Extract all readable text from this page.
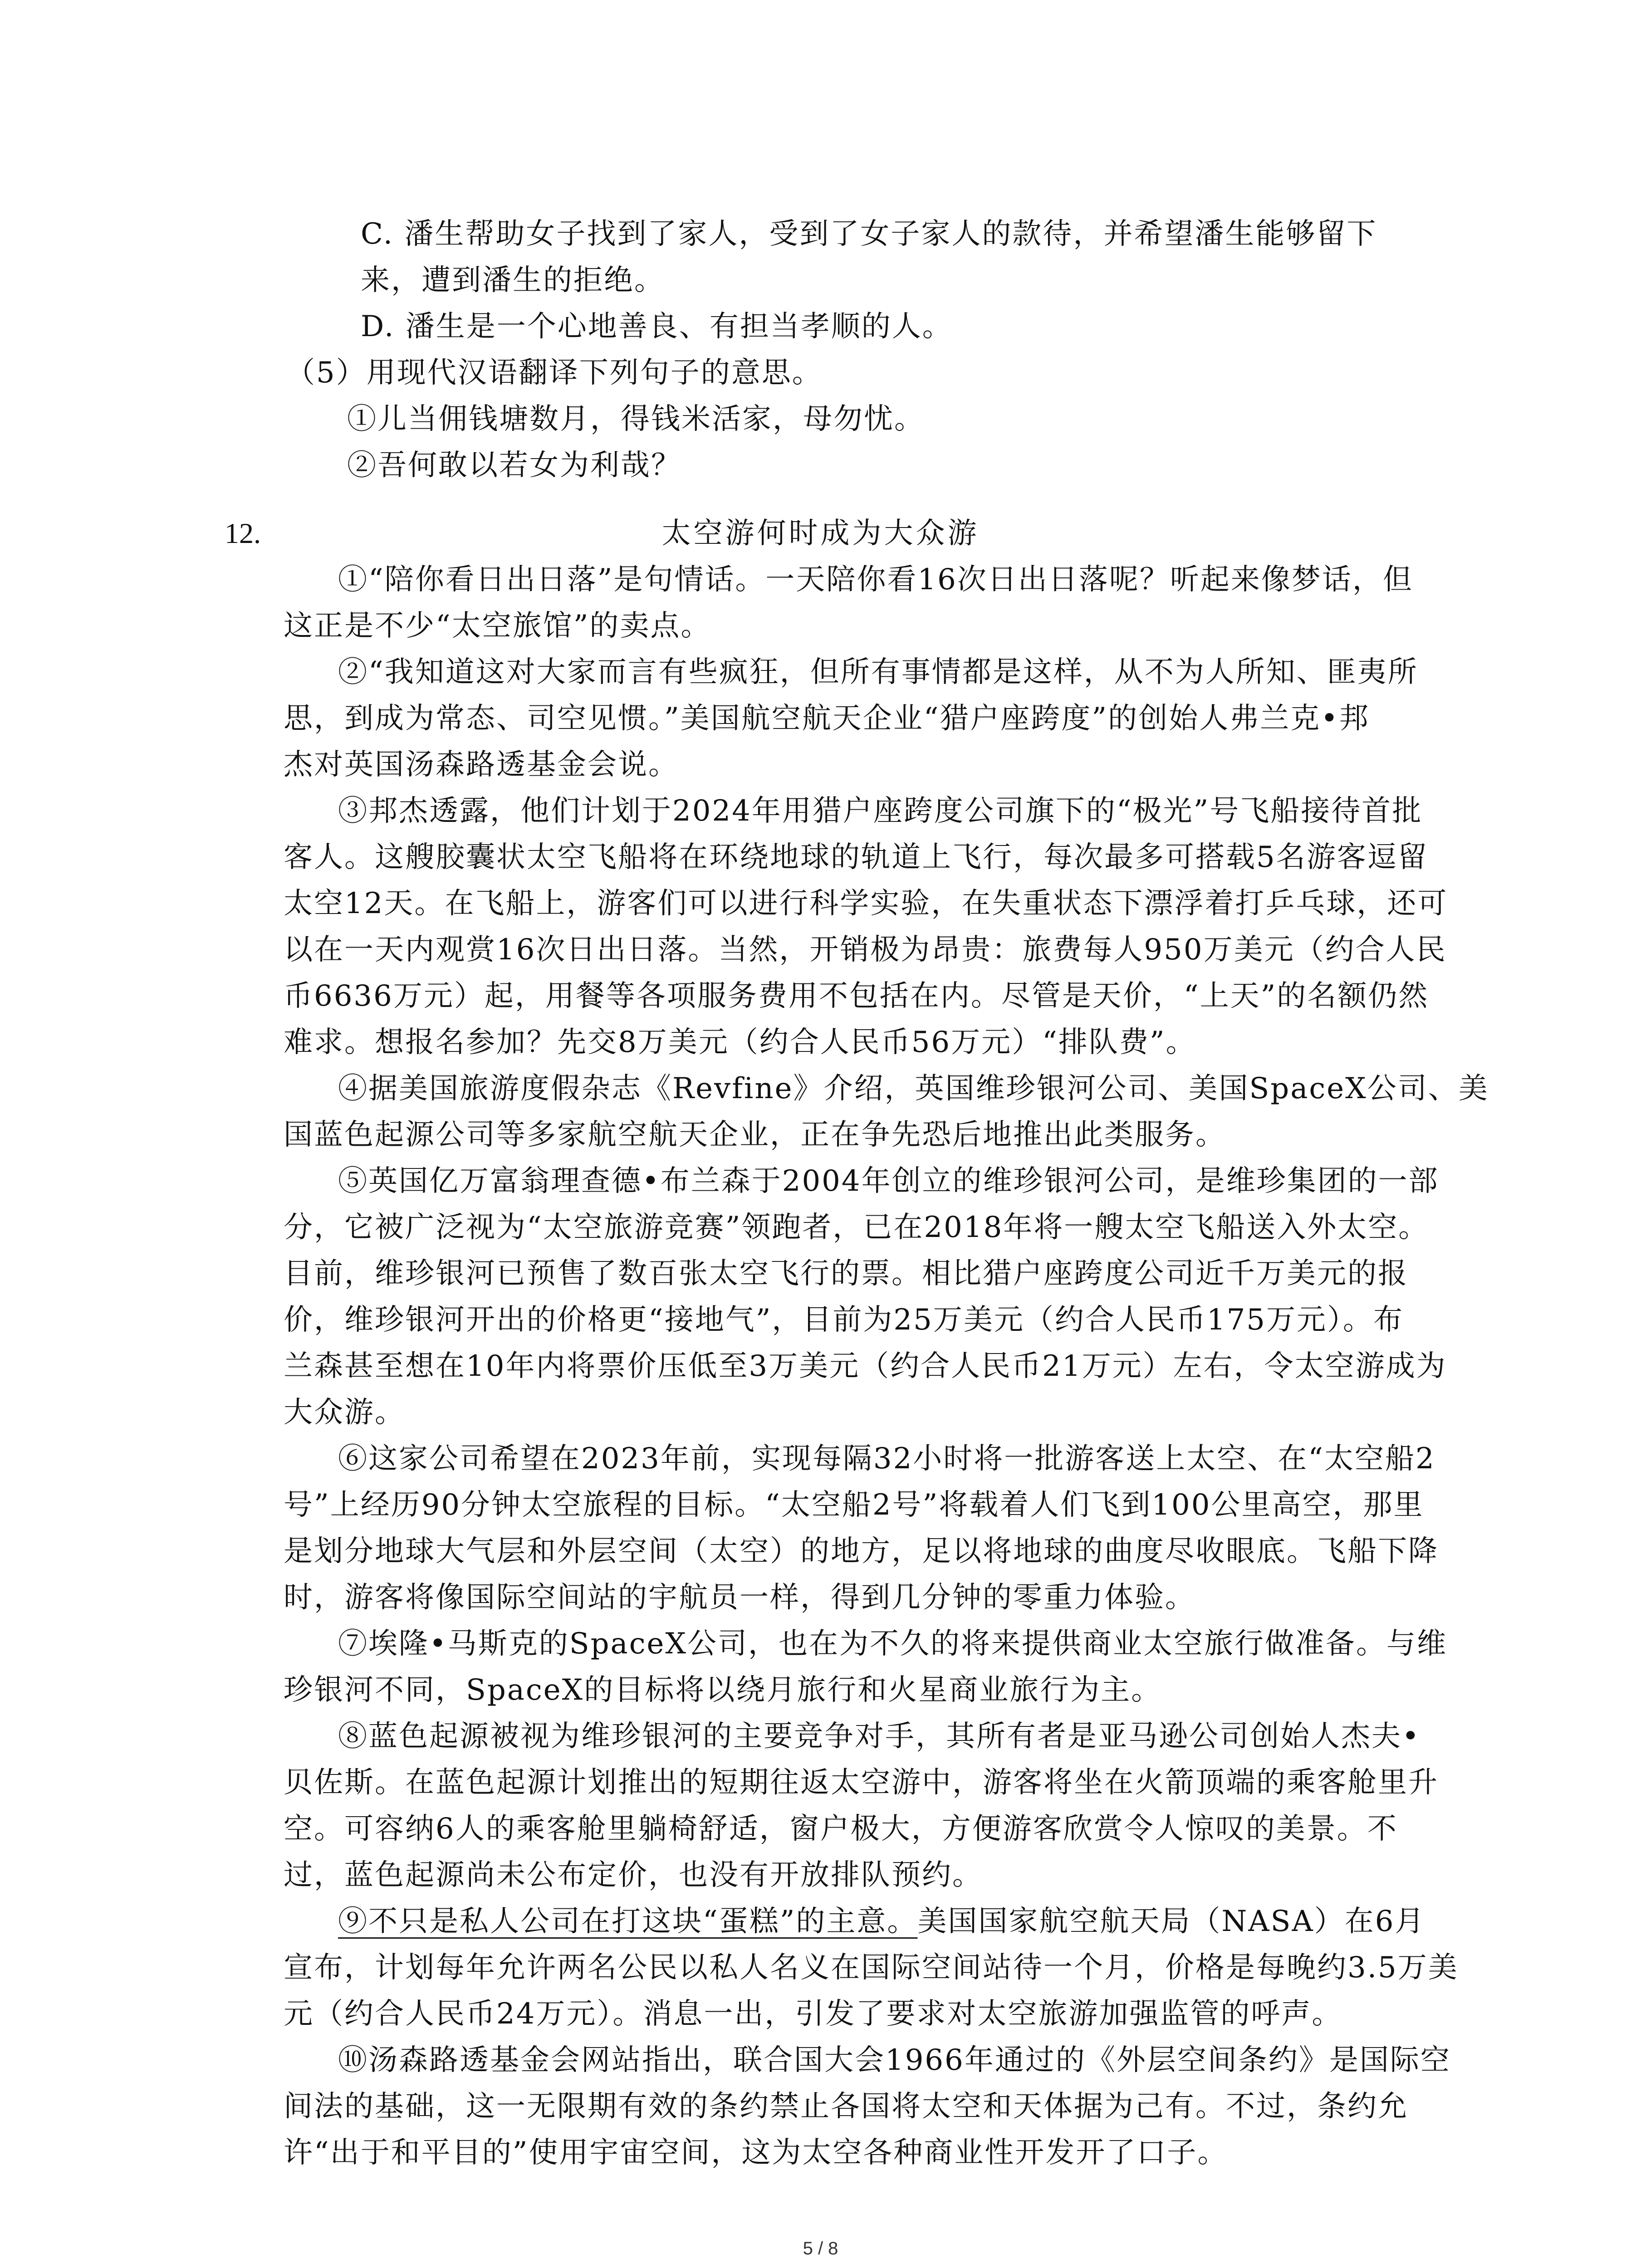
C. 潘生帮助女子找到了家人，受到了女子家人的款待，并希望潘生能够留下
来，遭到潘生的拒绝。
D. 潘生是一个心地善良、有担当孝顺的人。
（5）用现代汉语翻译下列句子的意思。
①儿当佣钱塘数月，得钱米活家，母勿忧。
②吾何敢以若女为利哉？
12.	太空游何时成为大众游
①“陪你看日出日落”是句情话。一天陪你看16次日出日落呢？听起来像梦话，但
这正是不少“太空旅馆”的卖点。
②“我知道这对大家而言有些疯狂，但所有事情都是这样，从不为人所知、匪夷所
思，到成为常态、司空见惯。”美国航空航天企业“猎户座跨度”的创始人弗兰克•邦
杰对英国汤森路透基金会说。
③邦杰透露，他们计划于2024年用猎户座跨度公司旗下的“极光”号飞船接待首批
客人。这艘胶囊状太空飞船将在环绕地球的轨道上飞行，每次最多可搭载5名游客逗留
太空12天。在飞船上，游客们可以进行科学实验，在失重状态下漂浮着打乒乓球，还可
以在一天内观赏16次日出日落。当然，开销极为昂贵：旅费每人950万美元（约合人民
币6636万元）起，用餐等各项服务费用不包括在内。尽管是天价，“上天”的名额仍然
难求。想报名参加？先交8万美元（约合人民币56万元）“排队费”。
④据美国旅游度假杂志《Revfine》介绍，英国维珍银河公司、美国SpaceX公司、美
国蓝色起源公司等多家航空航天企业，正在争先恐后地推出此类服务。
⑤英国亿万富翁理查德•布兰森于2004年创立的维珍银河公司，是维珍集团的一部
分，它被广泛视为“太空旅游竞赛”领跑者，已在2018年将一艘太空飞船送入外太空。
目前，维珍银河已预售了数百张太空飞行的票。相比猎户座跨度公司近千万美元的报
价，维珍银河开出的价格更“接地气”，目前为25万美元（约合人民币175万元）。布
兰森甚至想在10年内将票价压低至3万美元（约合人民币21万元）左右，令太空游成为
大众游。
⑥这家公司希望在2023年前，实现每隔32小时将一批游客送上太空、在“太空船2
号”上经历90分钟太空旅程的目标。“太空船2号”将载着人们飞到100公里高空，那里
是划分地球大气层和外层空间（太空）的地方，足以将地球的曲度尽收眼底。飞船下降
时，游客将像国际空间站的宇航员一样，得到几分钟的零重力体验。
⑦埃隆•马斯克的SpaceX公司，也在为不久的将来提供商业太空旅行做准备。与维
珍银河不同，SpaceX的目标将以绕月旅行和火星商业旅行为主。
⑧蓝色起源被视为维珍银河的主要竞争对手，其所有者是亚马逊公司创始人杰夫•
贝佐斯。在蓝色起源计划推出的短期往返太空游中，游客将坐在火箭顶端的乘客舱里升
空。可容纳6人的乘客舱里躺椅舒适，窗户极大，方便游客欣赏令人惊叹的美景。不
过，蓝色起源尚未公布定价，也没有开放排队预约。
⑨不只是私人公司在打这块“蛋糕”的主意。美国国家航空航天局（NASA）在6月
宣布，计划每年允许两名公民以私人名义在国际空间站待一个月，价格是每晚约3.5万美
元（约合人民币24万元）。消息一出，引发了要求对太空旅游加强监管的呼声。
⑩汤森路透基金会网站指出，联合国大会1966年通过的《外层空间条约》是国际空
间法的基础，这一无限期有效的条约禁止各国将太空和天体据为己有。不过，条约允
许“出于和平目的”使用宇宙空间，这为太空各种商业性开发开了口子。
5 / 8
